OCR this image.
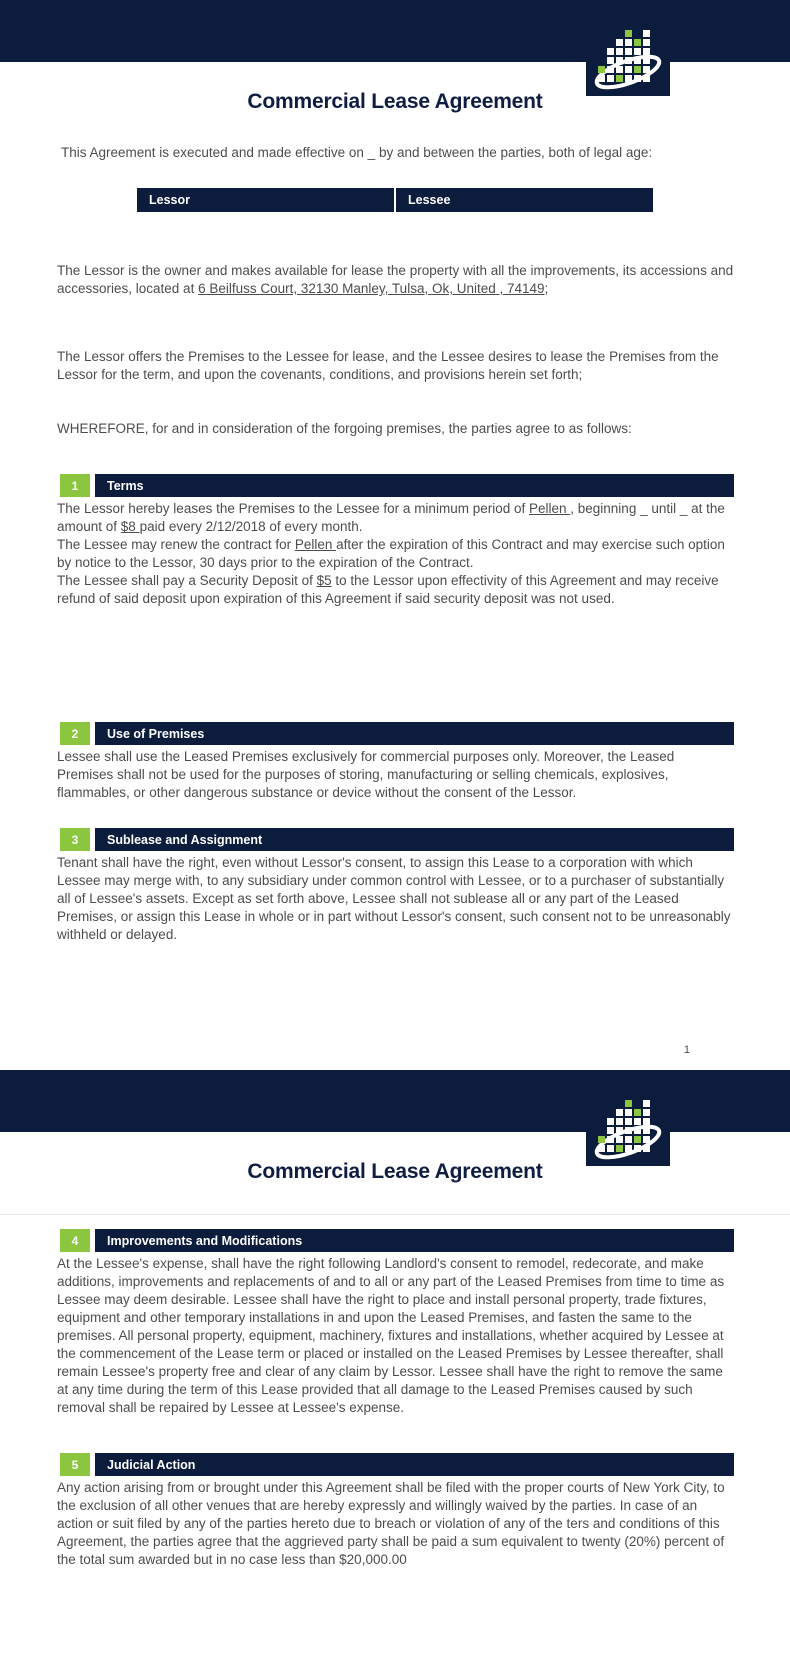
Commercial Lease Agreement

This Agreement is executed and made effective on _ by and between the parties, both of legal age:

Lessor	Lessee

The Lessor is the owner and makes available for lease the property with all the improvements, its accessions and accessories, located at 6 Beilfuss Court, 32130 Manley, Tulsa, Ok, United , 74149;

The Lessor offers the Premises to the Lessee for lease, and the Lessee desires to lease the Premises from the Lessor for the term, and upon the covenants, conditions, and provisions herein set forth;

WHEREFORE, for and in consideration of the forgoing premises, the parties agree to as follows:

1	Terms

The Lessor hereby leases the Premises to the Lessee for a minimum period of Pellen , beginning _ until _ at the amount of $8 paid every 2/12/2018 of every month.

The Lessee may renew the contract for Pellen after the expiration of this Contract and may exercise such option by notice to the Lessor, 30 days prior to the expiration of the Contract.

The Lessee shall pay a Security Deposit of $5 to the Lessor upon effectivity of this Agreement and may receive refund of said deposit upon expiration of this Agreement if said security deposit was not used.

2	Use of Premises

Lessee shall use the Leased Premises exclusively for commercial purposes only. Moreover, the Leased Premises shall not be used for the purposes of storing, manufacturing or selling chemicals, explosives, flammables, or other dangerous substance or device without the consent of the Lessor.

3	Sublease and Assignment

Tenant shall have the right, even without Lessor's consent, to assign this Lease to a corporation with which Lessee may merge with, to any subsidiary under common control with Lessee, or to a purchaser of substantially all of Lessee's assets. Except as set forth above, Lessee shall not sublease all or any part of the Leased Premises, or assign this Lease in whole or in part without Lessor's consent, such consent not to be unreasonably withheld or delayed.

1
Commercial Lease Agreement
4	Improvements and Modifications

At the Lessee's expense, shall have the right following Landlord's consent to remodel, redecorate, and make additions, improvements and replacements of and to all or any part of the Leased Premises from time to time as Lessee may deem desirable. Lessee shall have the right to place and install personal property, trade fixtures, equipment and other temporary installations in and upon the Leased Premises, and fasten the same to the premises. All personal property, equipment, machinery, fixtures and installations, whether acquired by Lessee at the commencement of the Lease term or placed or installed on the Leased Premises by Lessee thereafter, shall remain Lessee's property free and clear of any claim by Lessor. Lessee shall have the right to remove the same at any time during the term of this Lease provided that all damage to the Leased Premises caused by such removal shall be repaired by Lessee at Lessee's expense.

5	Judicial Action

Any action arising from or brought under this Agreement shall be filed with the proper courts of New York City, to the exclusion of all other venues that are hereby expressly and willingly waived by the parties. In case of an action or suit filed by any of the parties hereto due to breach or violation of any of the ters and conditions of this Agreement, the parties agree that the aggrieved party shall be paid a sum equivalent to twenty (20%) percent of the total sum awarded but in no case less than $20,000.00
